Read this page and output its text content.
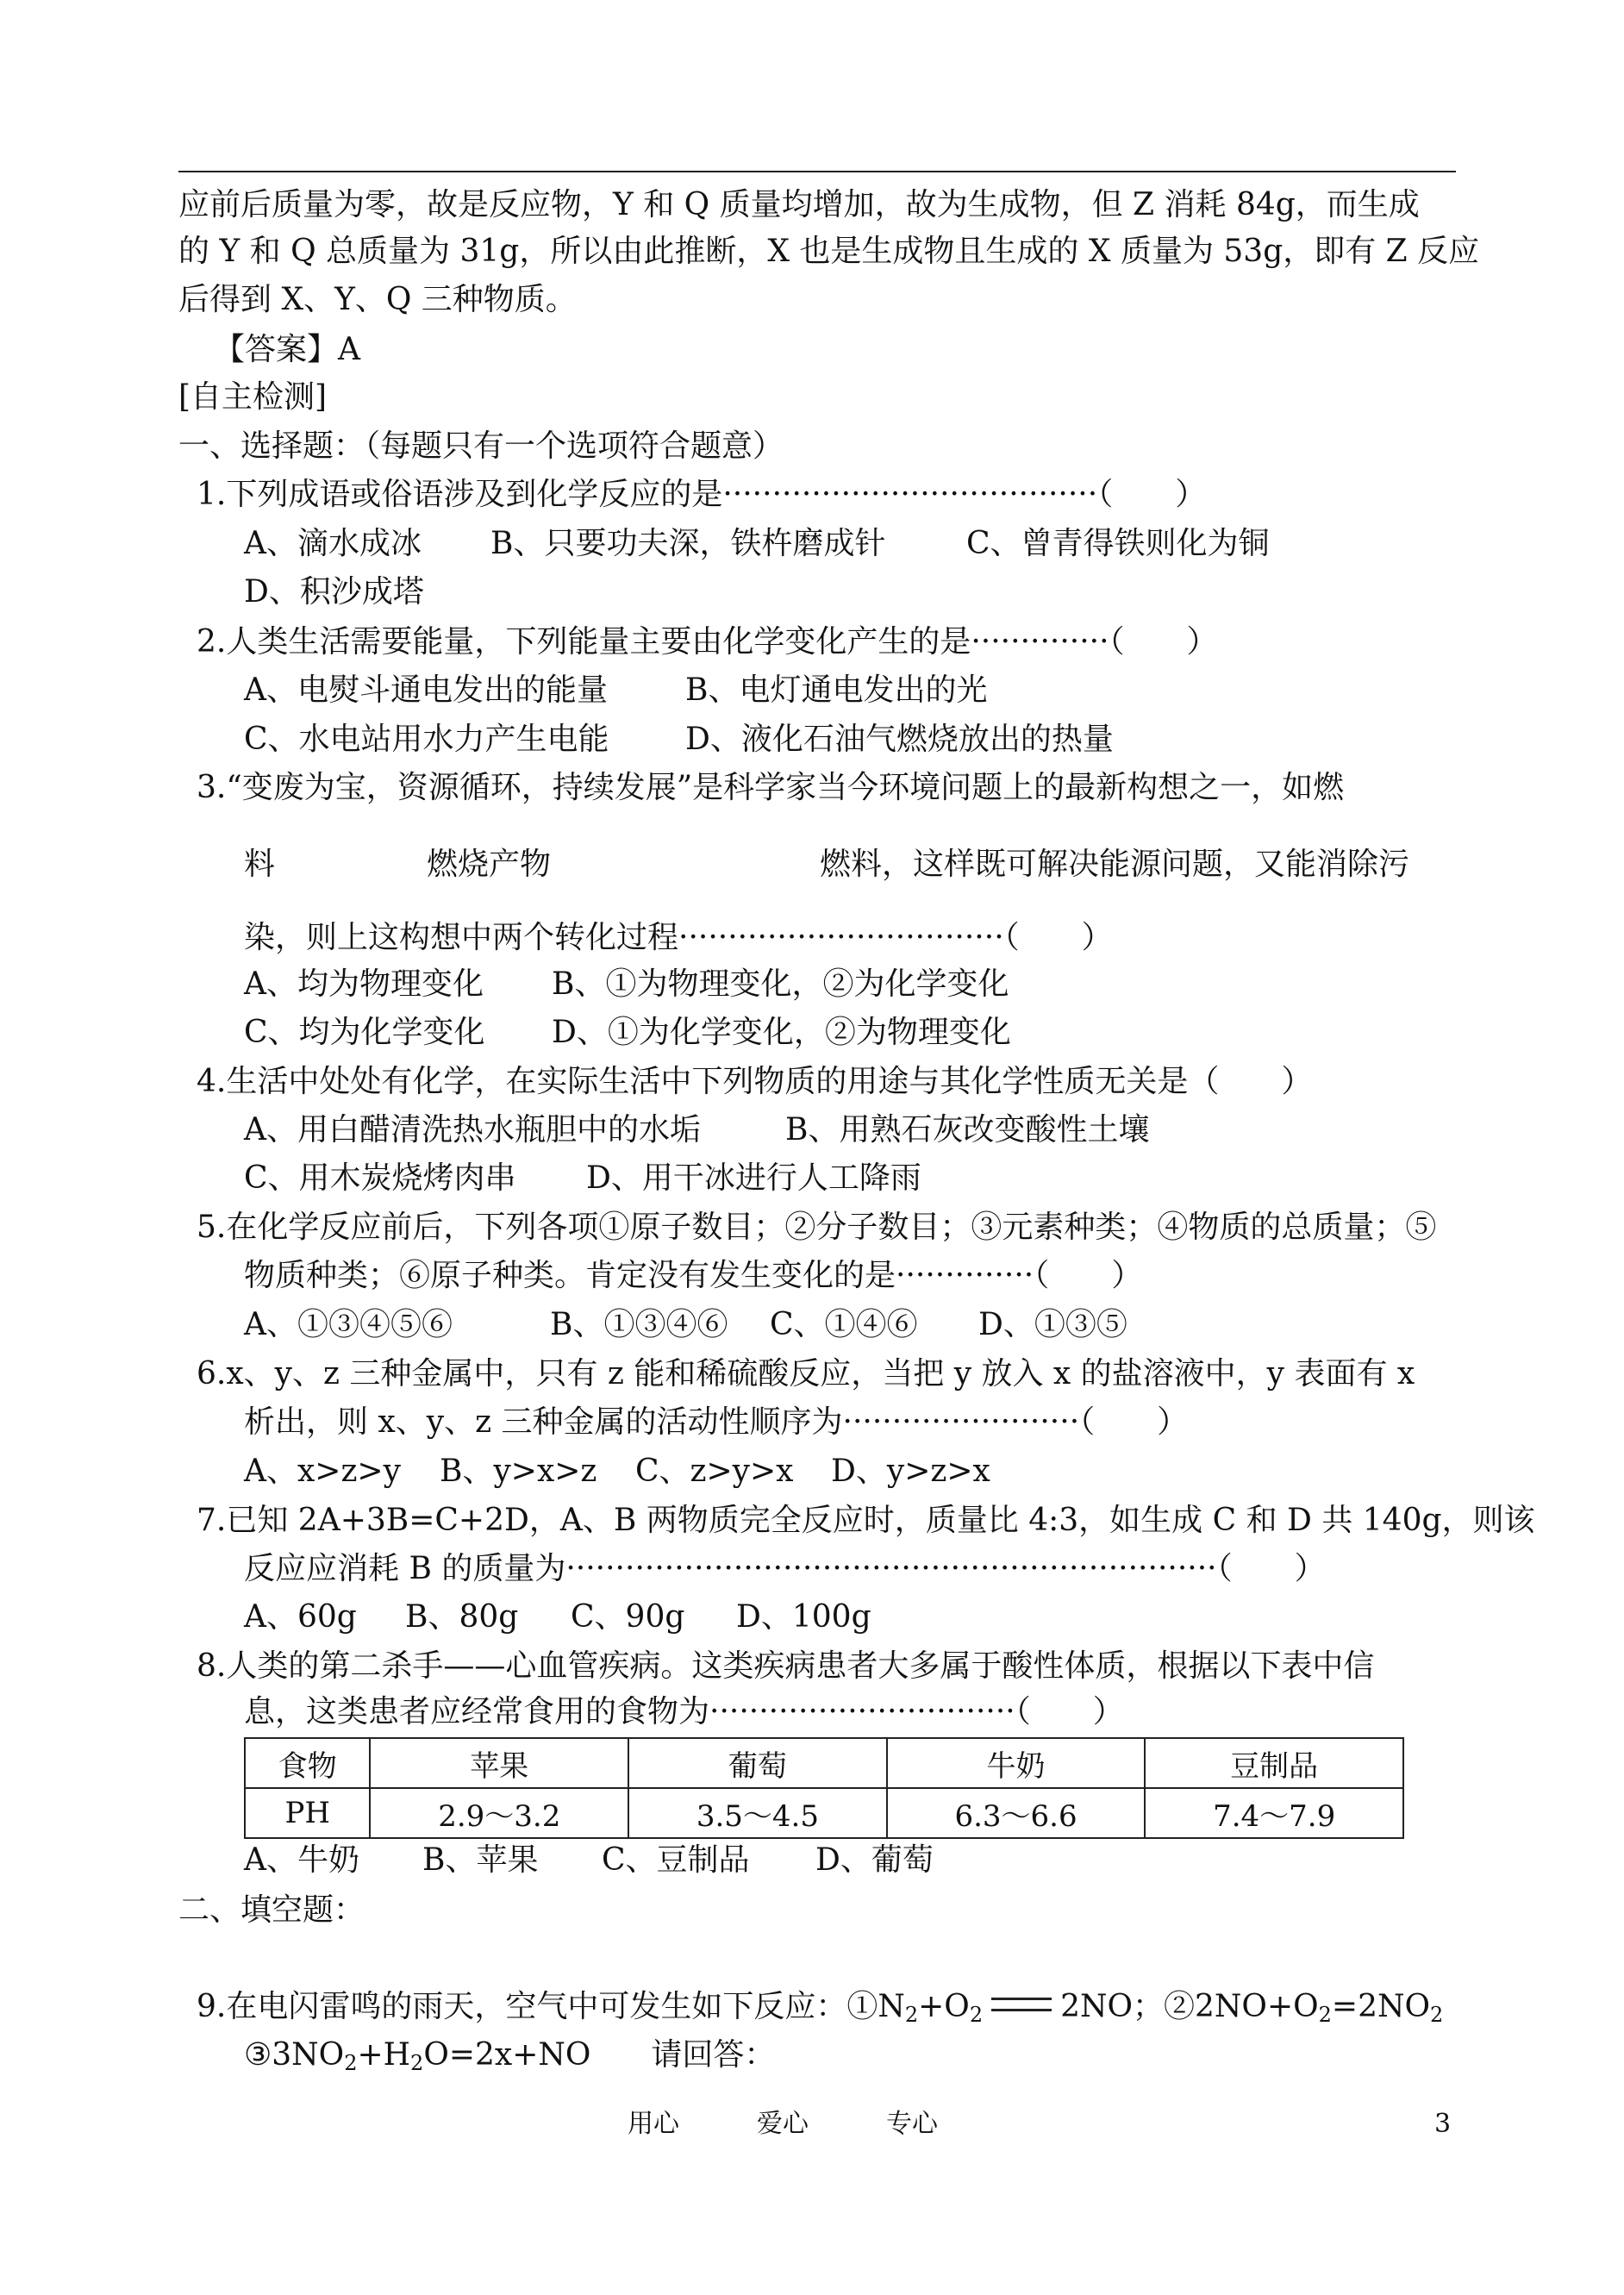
应前后质量为零，故是反应物，Y 和 Q 质量均增加，故为生成物，但 Z 消耗 84g，而生成
的 Y 和 Q 总质量为 31g，所以由此推断，X 也是生成物且生成的 X 质量为 53g，即有 Z 反应
后得到 X、Y、Q 三种物质。
【答案】A
[自主检测]
一、选择题：（每题只有一个选项符合题意）
1.下列成语或俗语涉及到化学反应的是······································（　　）
A、滴水成冰 B、只要功夫深，铁杵磨成针	C、曾青得铁则化为铜
D、积沙成塔
2.人类生活需要能量，下列能量主要由化学变化产生的是··············（　　）
A、电熨斗通电发出的能量	B、电灯通电发出的光
C、水电站用水力产生电能 D、液化石油气燃烧放出的热量
3.“变废为宝，资源循环，持续发展”是科学家当今环境问题上的最新构想之一，如燃
料	燃烧产物	燃料，这样既可解决能源问题，又能消除污
染，则上这构想中两个转化过程·································（　　）
A、均为物理变化 B、①为物理变化，②为化学变化
C、均为化学变化 D、①为化学变化，②为物理变化
4.生活中处处有化学，在实际生活中下列物质的用途与其化学性质无关是（　　）
A、用白醋清洗热水瓶胆中的水垢	B、用熟石灰改变酸性土壤
C、用木炭烧烤肉串 D、用干冰进行人工降雨
5.在化学反应前后，下列各项①原子数目；②分子数目；③元素种类；④物质的总质量；⑤
物质种类；⑥原子种类。肯定没有发生变化的是··············（　　）
A、①③④⑤⑥	B、①③④⑥ C、①④⑥ D、①③⑤
6.x、y、z 三种金属中，只有 z 能和稀硫酸反应，当把 y 放入 x 的盐溶液中，y 表面有 x
析出，则 x、y、z 三种金属的活动性顺序为························（　　）
A、x>z>y B、y>x>z C、z>y>x D、y>z>x
7.已知 2A+3B=C+2D，A、B 两物质完全反应时，质量比 4:3，如生成 C 和 D 共 140g，则该
反应应消耗 B 的质量为··································································（　　）
A、60g B、80g C、90g D、100g
8.人类的第二杀手——心血管疾病。这类疾病患者大多属于酸性体质，根据以下表中信
息，这类患者应经常食用的食物为·······························（　　）
食物	苹果	葡萄	牛奶	豆制品
PH	2.9～3.2	3.5～4.5	6.3～6.6	7.4～7.9
A、牛奶 B、苹果 C、豆制品 D、葡萄
二、填空题：
9.在电闪雷鸣的雨天，空气中可发生如下反应：$①N_2+O_2$	2NO；$②2NO+O_2=2NO_2$
$③3NO_2+H_2O=2x+NO$ 请回答：
用心	爱心	专心	3
